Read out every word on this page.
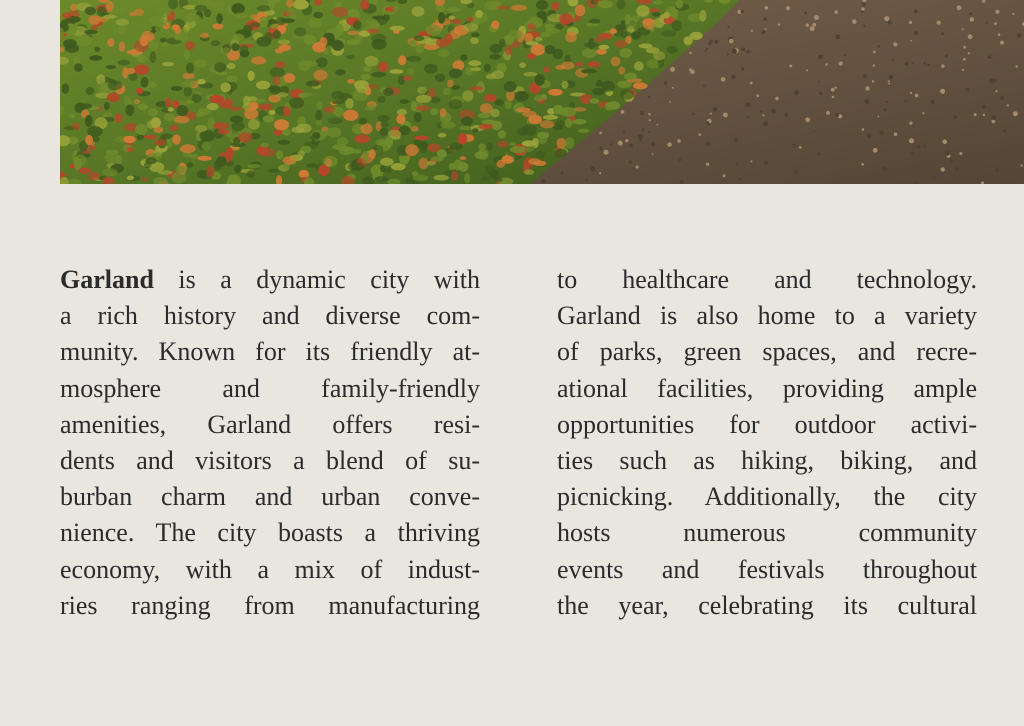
Garland is a dynamic city with
a rich history and diverse com-
munity. Known for its friendly at-
mosphere and family-friendly
amenities, Garland offers resi-
dents and visitors a blend of su-
burban charm and urban conve-
nience. The city boasts a thriving
economy, with a mix of indust-
ries ranging from manufacturing
to healthcare and technology.
Garland is also home to a variety
of parks, green spaces, and recre-
ational facilities, providing ample
opportunities for outdoor activi-
ties such as hiking, biking, and
picnicking. Additionally, the city
hosts numerous community
events and festivals throughout
the year, celebrating its cultural
